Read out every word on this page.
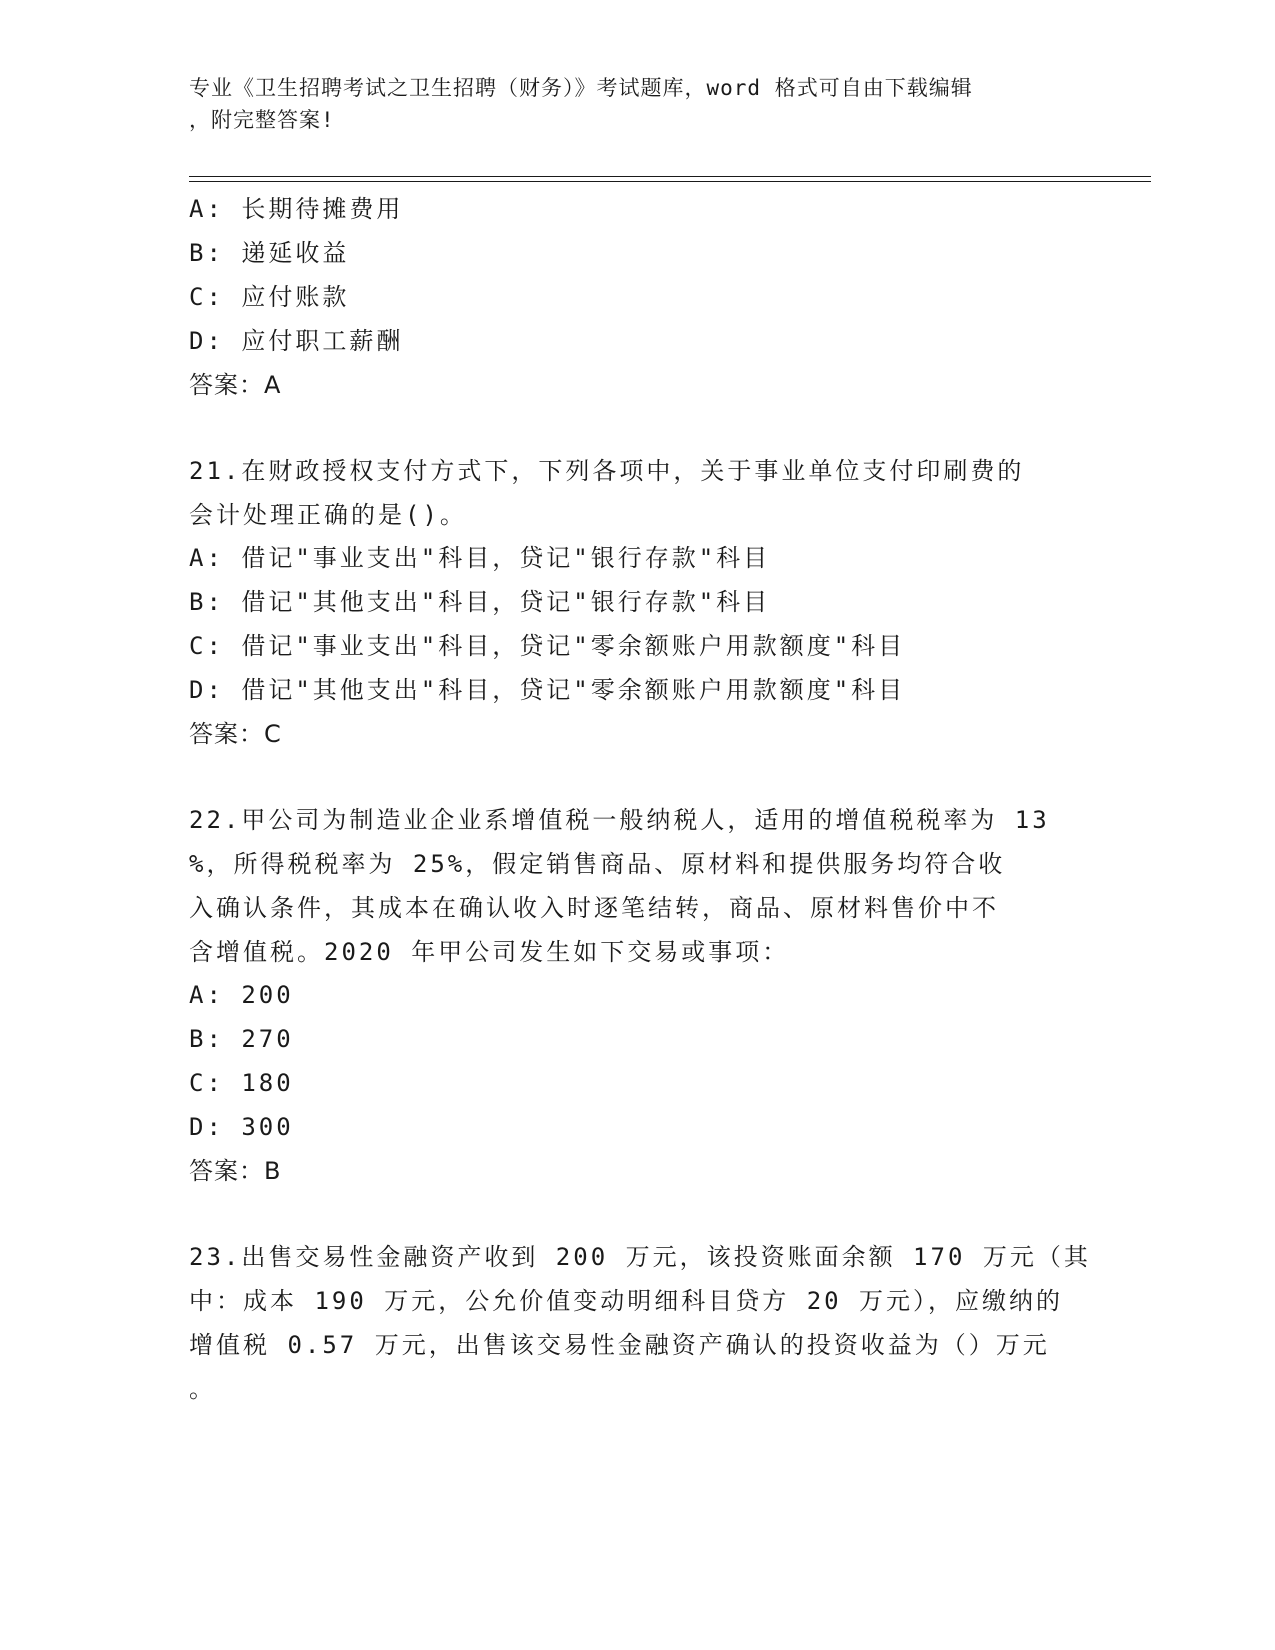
专业《卫生招聘考试之卫生招聘（财务）》考试题库，word 格式可自由下载编辑
，附完整答案!
A: 长期待摊费用
B: 递延收益
C: 应付账款
D: 应付职工薪酬
答案：A
21.在财政授权支付方式下，下列各项中，关于事业单位支付印刷费的
会计处理正确的是()。
A: 借记"事业支出"科目，贷记"银行存款"科目
B: 借记"其他支出"科目，贷记"银行存款"科目
C: 借记"事业支出"科目，贷记"零余额账户用款额度"科目
D: 借记"其他支出"科目，贷记"零余额账户用款额度"科目
答案：C
22.甲公司为制造业企业系增值税一般纳税人，适用的增值税税率为 13
%，所得税税率为 25%，假定销售商品、原材料和提供服务均符合收
入确认条件，其成本在确认收入时逐笔结转，商品、原材料售价中不
含增值税。2020 年甲公司发生如下交易或事项：
A: 200
B: 270
C: 180
D: 300
答案：B
23.出售交易性金融资产收到 200 万元，该投资账面余额 170 万元（其
中：成本 190 万元，公允价值变动明细科目贷方 20 万元），应缴纳的
增值税 0.57 万元，出售该交易性金融资产确认的投资收益为（）万元
。
